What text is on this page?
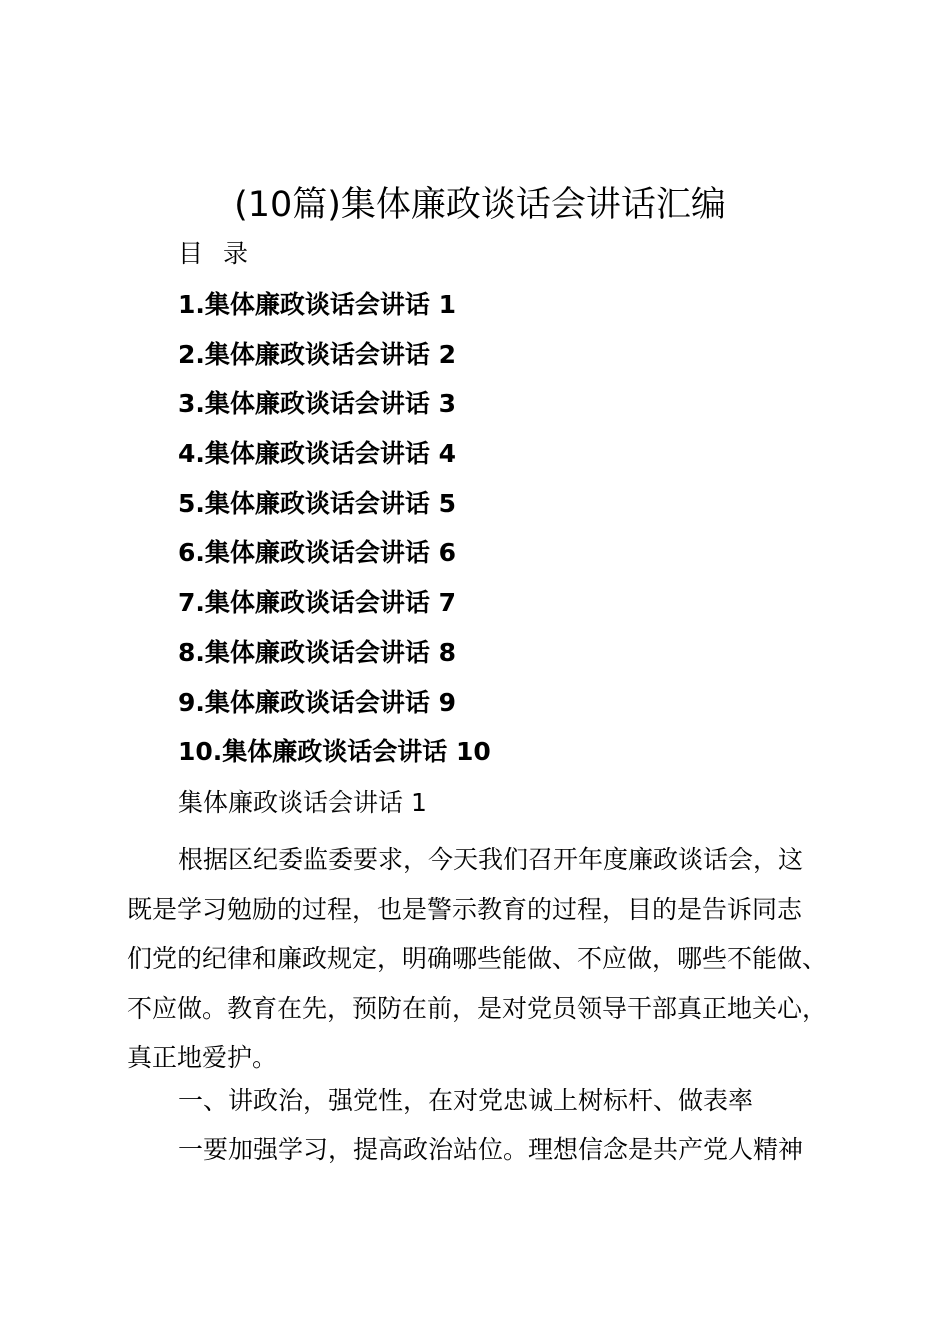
(10篇)集体廉政谈话会讲话汇编
目 录
1.集体廉政谈话会讲话 1
2.集体廉政谈话会讲话 2
3.集体廉政谈话会讲话 3
4.集体廉政谈话会讲话 4
5.集体廉政谈话会讲话 5
6.集体廉政谈话会讲话 6
7.集体廉政谈话会讲话 7
8.集体廉政谈话会讲话 8
9.集体廉政谈话会讲话 9
10.集体廉政谈话会讲话 10
集体廉政谈话会讲话 1

根据区纪委监委要求，今天我们召开年度廉政谈话会，这
既是学习勉励的过程，也是警示教育的过程，目的是告诉同志
们党的纪律和廉政规定，明确哪些能做、不应做，哪些不能做、
不应做。教育在先，预防在前，是对党员领导干部真正地关心，
真正地爱护。

一、讲政治，强党性，在对党忠诚上树标杆、做表率
一要加强学习，提高政治站位。理想信念是共产党人精神
